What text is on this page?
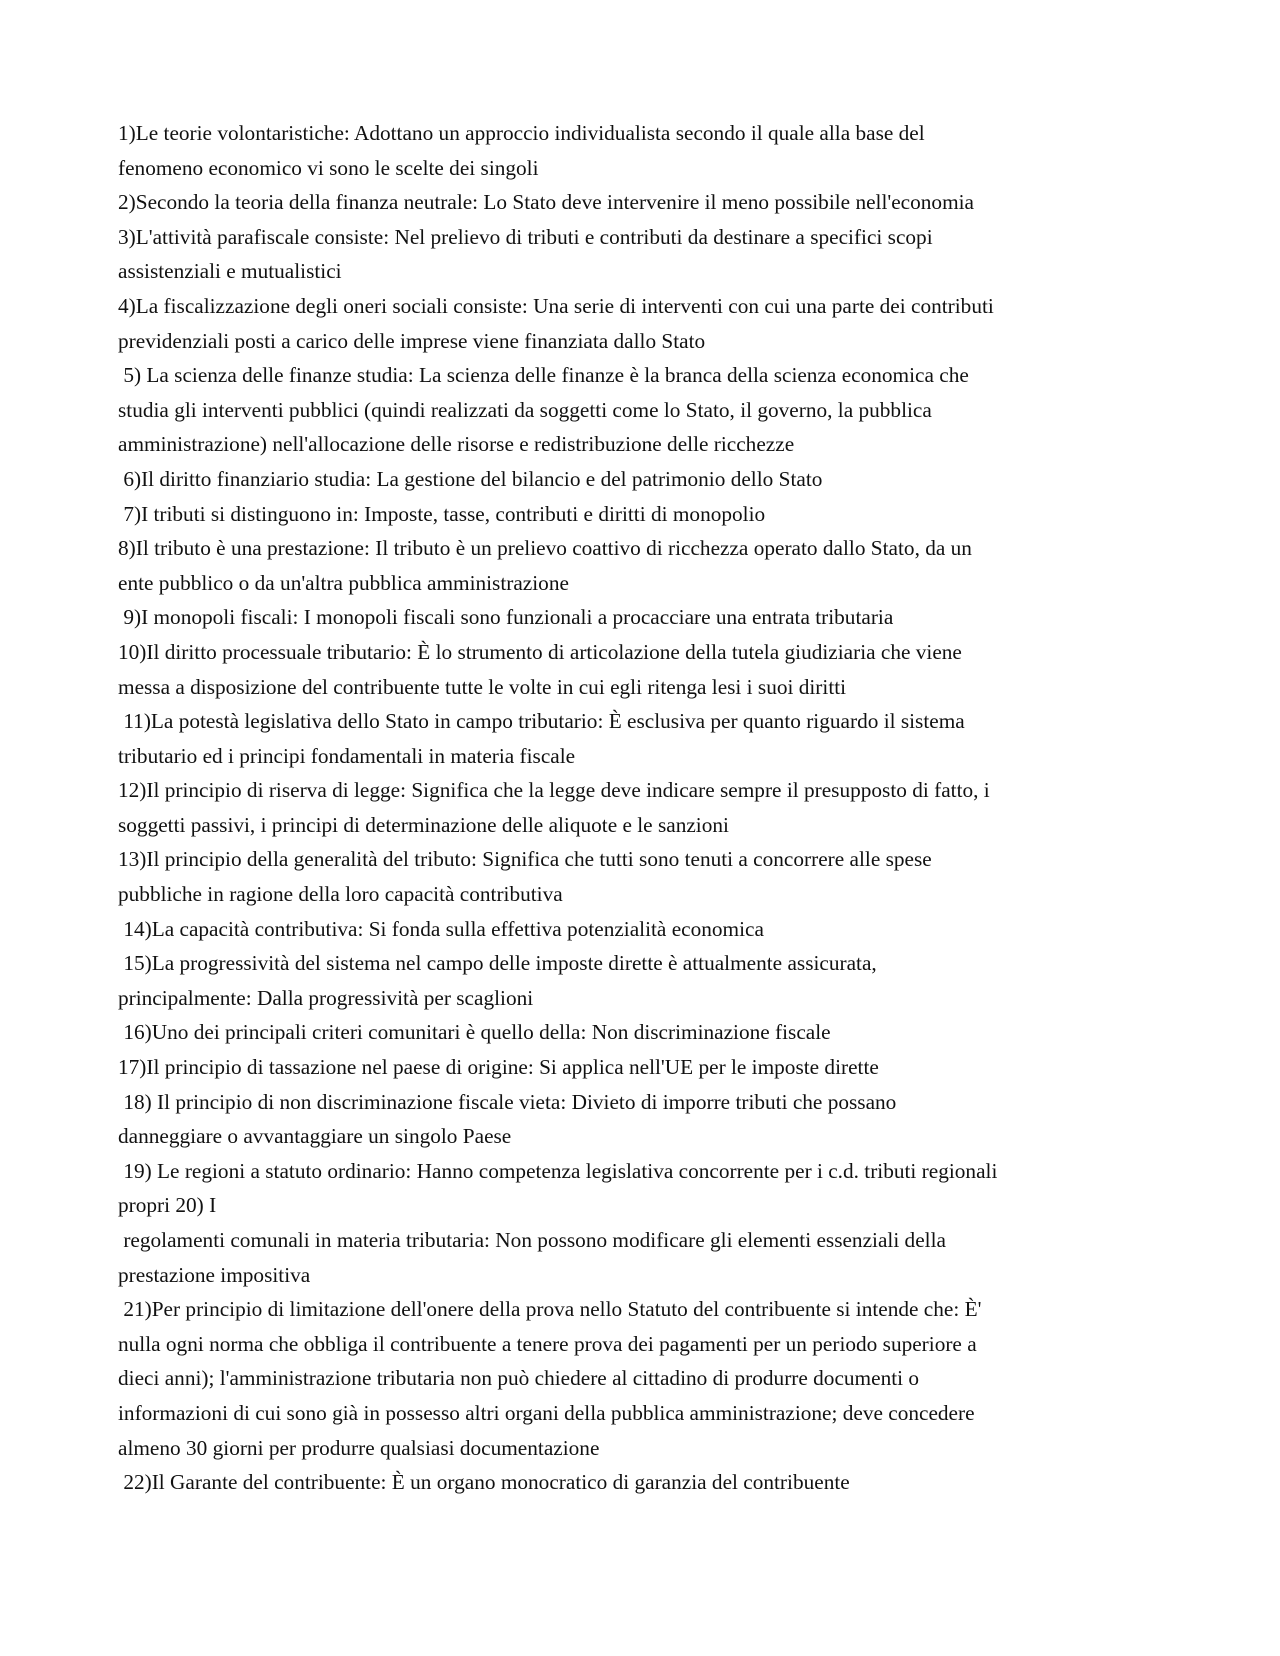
1)Le teorie volontaristiche: Adottano un approccio individualista secondo il quale alla base del
fenomeno economico vi sono le scelte dei singoli
2)Secondo la teoria della finanza neutrale: Lo Stato deve intervenire il meno possibile nell'economia
3)L'attività parafiscale consiste: Nel prelievo di tributi e contributi da destinare a specifici scopi
assistenziali e mutualistici
4)La fiscalizzazione degli oneri sociali consiste: Una serie di interventi con cui una parte dei contributi
previdenziali posti a carico delle imprese viene finanziata dallo Stato
5) La scienza delle finanze studia: La scienza delle finanze è la branca della scienza economica che
studia gli interventi pubblici (quindi realizzati da soggetti come lo Stato, il governo, la pubblica
amministrazione) nell'allocazione delle risorse e redistribuzione delle ricchezze
6)Il diritto finanziario studia: La gestione del bilancio e del patrimonio dello Stato
7)I tributi si distinguono in: Imposte, tasse, contributi e diritti di monopolio
8)Il tributo è una prestazione: Il tributo è un prelievo coattivo di ricchezza operato dallo Stato, da un
ente pubblico o da un'altra pubblica amministrazione
9)I monopoli fiscali: I monopoli fiscali sono funzionali a procacciare una entrata tributaria
10)Il diritto processuale tributario: È lo strumento di articolazione della tutela giudiziaria che viene
messa a disposizione del contribuente tutte le volte in cui egli ritenga lesi i suoi diritti
11)La potestà legislativa dello Stato in campo tributario: È esclusiva per quanto riguardo il sistema
tributario ed i principi fondamentali in materia fiscale
12)Il principio di riserva di legge: Significa che la legge deve indicare sempre il presupposto di fatto, i
soggetti passivi, i principi di determinazione delle aliquote e le sanzioni
13)Il principio della generalità del tributo: Significa che tutti sono tenuti a concorrere alle spese
pubbliche in ragione della loro capacità contributiva
14)La capacità contributiva: Si fonda sulla effettiva potenzialità economica
15)La progressività del sistema nel campo delle imposte dirette è attualmente assicurata,
principalmente: Dalla progressività per scaglioni
16)Uno dei principali criteri comunitari è quello della: Non discriminazione fiscale
17)Il principio di tassazione nel paese di origine: Si applica nell'UE per le imposte dirette
18) Il principio di non discriminazione fiscale vieta: Divieto di imporre tributi che possano
danneggiare o avvantaggiare un singolo Paese
19) Le regioni a statuto ordinario: Hanno competenza legislativa concorrente per i c.d. tributi regionali
propri 20) I
regolamenti comunali in materia tributaria: Non possono modificare gli elementi essenziali della
prestazione impositiva
21)Per principio di limitazione dell'onere della prova nello Statuto del contribuente si intende che: È'
nulla ogni norma che obbliga il contribuente a tenere prova dei pagamenti per un periodo superiore a
dieci anni); l'amministrazione tributaria non può chiedere al cittadino di produrre documenti o
informazioni di cui sono già in possesso altri organi della pubblica amministrazione; deve concedere
almeno 30 giorni per produrre qualsiasi documentazione
22)Il Garante del contribuente: È un organo monocratico di garanzia del contribuente
